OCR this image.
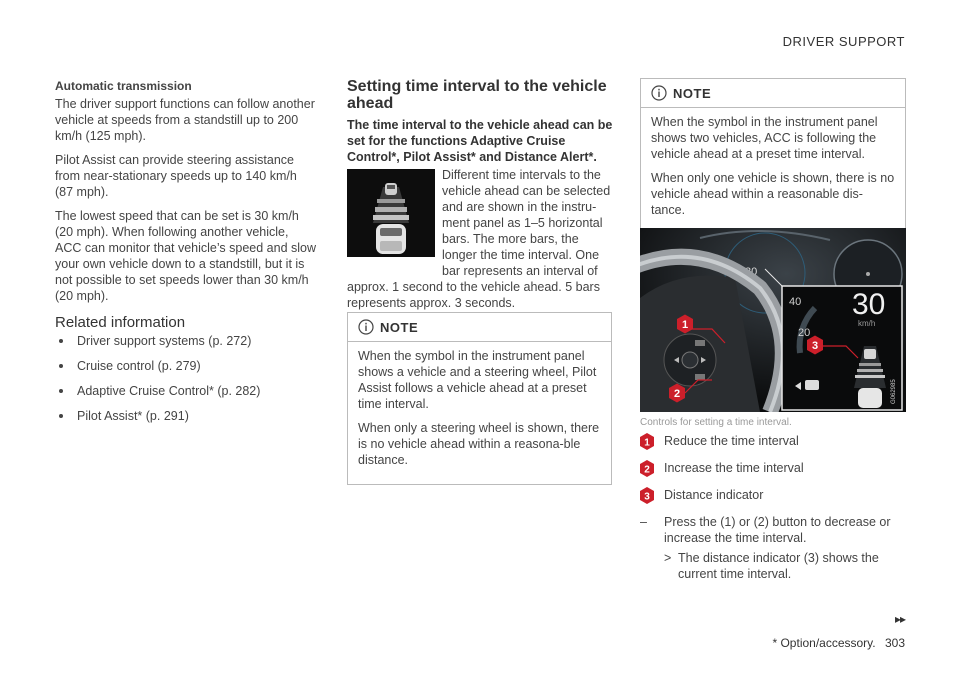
DRIVER SUPPORT
Automatic transmission

The driver support functions can follow another vehicle at speeds from a standstill up to 200 km/h (125 mph).

Pilot Assist can provide steering assistance from near-stationary speeds up to 140 km/h (87 mph).

The lowest speed that can be set is 30 km/h (20 mph). When following another vehicle, ACC can monitor that vehicle’s speed and slow your own vehicle down to a standstill, but it is not possible to set speeds lower than 30 km/h (20 mph).

Related information
Driver support systems (p. 272)
Cruise control (p. 279)
Adaptive Cruise Control* (p. 282)
Pilot Assist* (p. 291)
Setting time interval to the vehicle ahead

The time interval to the vehicle ahead can be set for the functions Adaptive Cruise Control*, Pilot Assist* and Distance Alert*.

Different time intervals to the
vehicle ahead can be selected
and are shown in the instru-
ment panel as 1–5 horizontal
bars. The more bars, the
longer the time interval. One
bar represents an interval of
approx. 1 second to the vehicle ahead. 5 bars
represents approx. 3 seconds.
NOTE

When the symbol in the instrument panel shows a vehicle and a steering wheel, Pilot Assist follows a vehicle ahead at a preset time interval.

When only a steering wheel is shown, there is no vehicle ahead within a reasona-ble distance.

NOTE

When the symbol in the instrument panel shows two vehicles, ACC is following the vehicle ahead at a preset time interval.

When only one vehicle is shown, there is no vehicle ahead within a reasonable dis-tance.

30
40
20
30
km/h
1
2
3
G062985
Controls for setting a time interval.
1 Reduce the time interval
2 Increase the time interval
3 Distance indicator
–	Press the (1) or (2) button to decrease or increase the time interval.
> The distance indicator (3) shows the current time interval.
▸▸
* Option/accessory. 303
